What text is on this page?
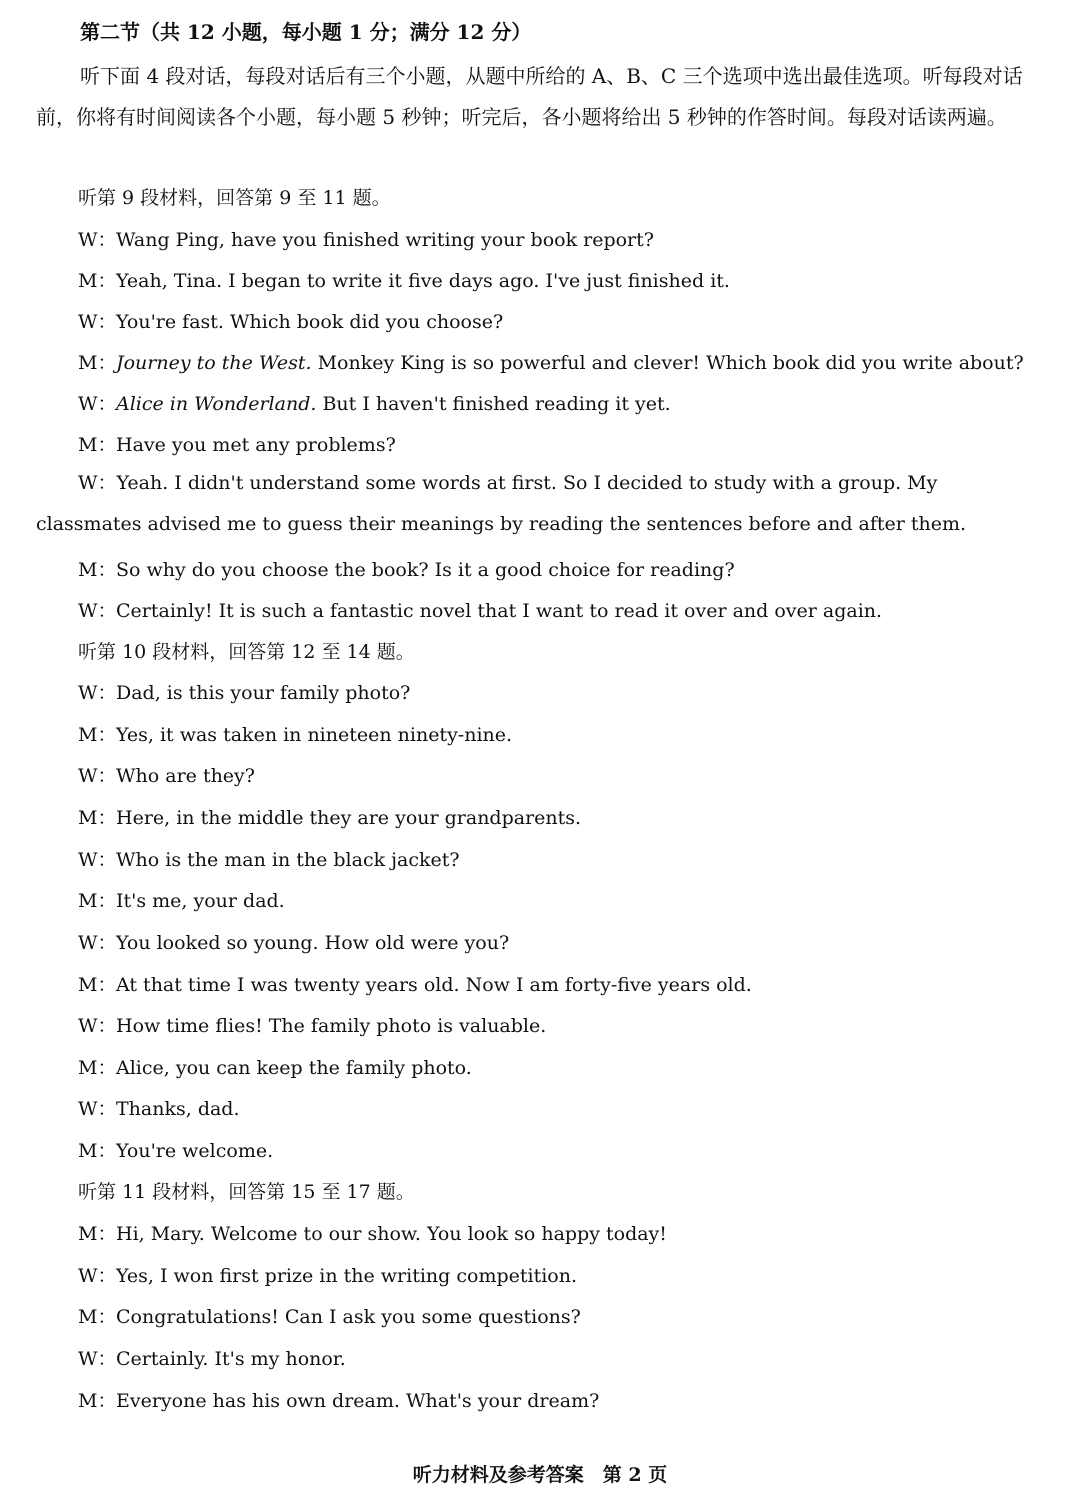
第二节（共 12 小题，每小题 1 分；满分 12 分）
听下面 4 段对话，每段对话后有三个小题，从题中所给的 A、B、C 三个选项中选出最佳选项。听每段对话前，你将有时间阅读各个小题，每小题 5 秒钟；听完后，各小题将给出 5 秒钟的作答时间。每段对话读两遍。
听第 9 段材料，回答第 9 至 11 题。
W：Wang Ping, have you finished writing your book report?
M：Yeah, Tina. I began to write it five days ago. I've just finished it.
W：You're fast. Which book did you choose?
M：Journey to the West. Monkey King is so powerful and clever! Which book did you write about?
W：Alice in Wonderland. But I haven't finished reading it yet.
M：Have you met any problems?
W：Yeah. I didn't understand some words at first. So I decided to study with a group. My classmates advised me to guess their meanings by reading the sentences before and after them.
M：So why do you choose the book? Is it a good choice for reading?
W：Certainly! It is such a fantastic novel that I want to read it over and over again.
听第 10 段材料，回答第 12 至 14 题。
W：Dad, is this your family photo?
M：Yes, it was taken in nineteen ninety-nine.
W：Who are they?
M：Here, in the middle they are your grandparents.
W：Who is the man in the black jacket?
M：It's me, your dad.
W：You looked so young. How old were you?
M：At that time I was twenty years old. Now I am forty-five years old.
W：How time flies! The family photo is valuable.
M：Alice, you can keep the family photo.
W：Thanks, dad.
M：You're welcome.
听第 11 段材料，回答第 15 至 17 题。
M：Hi, Mary. Welcome to our show. You look so happy today!
W：Yes, I won first prize in the writing competition.
M：Congratulations! Can I ask you some questions?
W：Certainly. It's my honor.
M：Everyone has his own dream. What's your dream?
听力材料及参考答案　第 2 页
